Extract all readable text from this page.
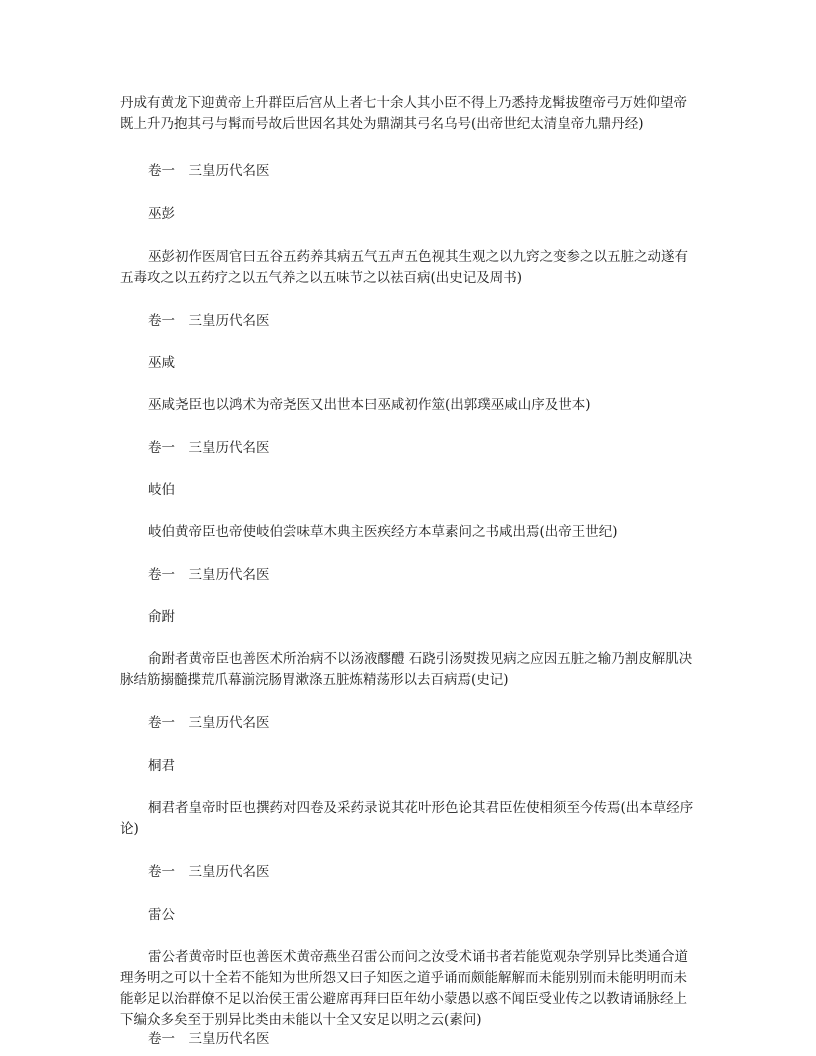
丹成有黄龙下迎黄帝上升群臣后宫从上者七十余人其小臣不得上乃悉持龙髯拔堕帝弓万姓仰望帝既上升乃抱其弓与髯而号故后世因名其处为鼎湖其弓名乌号(出帝世纪太清皇帝九鼎丹经)

卷一　三皇历代名医

巫彭

巫彭初作医周官曰五谷五药养其病五气五声五色视其生观之以九窍之变参之以五脏之动遂有五毒攻之以五药疗之以五气养之以五味节之以祛百病(出史记及周书)

卷一　三皇历代名医

巫咸

巫咸尧臣也以鸿术为帝尧医又出世本曰巫咸初作筮(出郭璞巫咸山序及世本)

卷一　三皇历代名医

岐伯

岐伯黄帝臣也帝使岐伯尝味草木典主医疾经方本草素问之书咸出焉(出帝王世纪)

卷一　三皇历代名医

俞跗

俞跗者黄帝臣也善医术所治病不以汤液醪醴 石跷引汤熨拨见病之应因五脏之输乃割皮解肌决脉结筋搦髓揲荒爪幕湔浣肠胃漱涤五脏炼精荡形以去百病焉(史记)

卷一　三皇历代名医

桐君

桐君者皇帝时臣也撰药对四卷及采药录说其花叶形色论其君臣佐使相须至今传焉(出本草经序论)

卷一　三皇历代名医

雷公

雷公者黄帝时臣也善医术黄帝燕坐召雷公而问之汝受术诵书者若能览观杂学别异比类通合道理务明之可以十全若不能知为世所怨又曰子知医之道乎诵而颇能解解而未能别别而未能明明而未能彰足以治群僚不足以治侯王雷公避席再拜曰臣年幼小蒙愚以惑不闻臣受业传之以教请诵脉经上下编众多矣至于别异比类由未能以十全又安足以明之云(素问)

卷一　三皇历代名医
